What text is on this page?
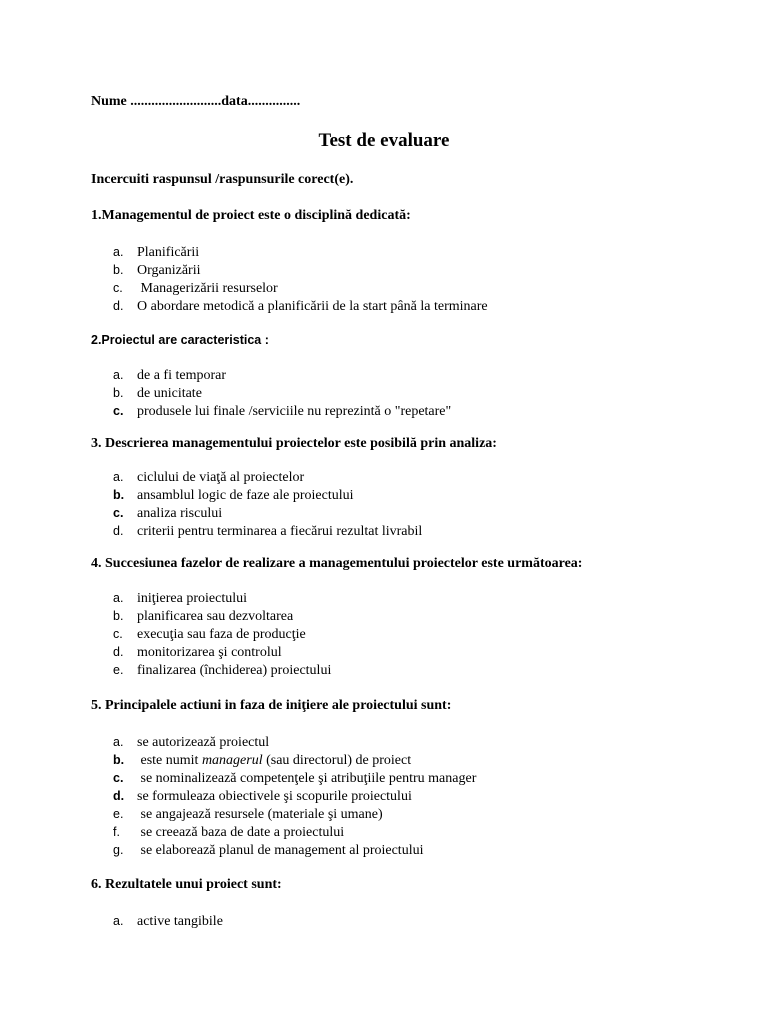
Nume ..........................data...............
Test de evaluare
Incercuiti raspunsul /raspunsurile corect(e).
1.Managementul de proiect este o disciplină dedicată:
a. Planificării
b. Organizării
c. Managerizării resurselor
d. O abordare metodică a planificării de la start până la terminare
2.Proiectul are caracteristica :
a. de a fi temporar
b. de unicitate
c. produsele lui finale /serviciile nu reprezintă o "repetare"
3. Descrierea managementului proiectelor este posibilă prin analiza:
a. ciclului de viaţă al proiectelor
b. ansamblul logic de faze ale proiectului
c. analiza riscului
d. criterii pentru terminarea a fiecărui rezultat livrabil
4. Succesiunea fazelor de realizare a managementului proiectelor este următoarea:
a. iniţierea proiectului
b. planificarea sau dezvoltarea
c. execuţia sau faza de producţie
d. monitorizarea şi controlul
e. finalizarea (închiderea) proiectului
5. Principalele actiuni in faza de iniţiere ale proiectului sunt:
a. se autorizează proiectul
b. este numit managerul (sau directorul) de proiect
c. se nominalizează competenţele şi atribuţiile pentru manager
d. se formuleaza obiectivele şi scopurile proiectului
e. se angajează resursele (materiale şi umane)
f. se creează baza de date a proiectului
g. se elaborează planul de management al proiectului
6. Rezultatele unui proiect sunt:
a. active tangibile
